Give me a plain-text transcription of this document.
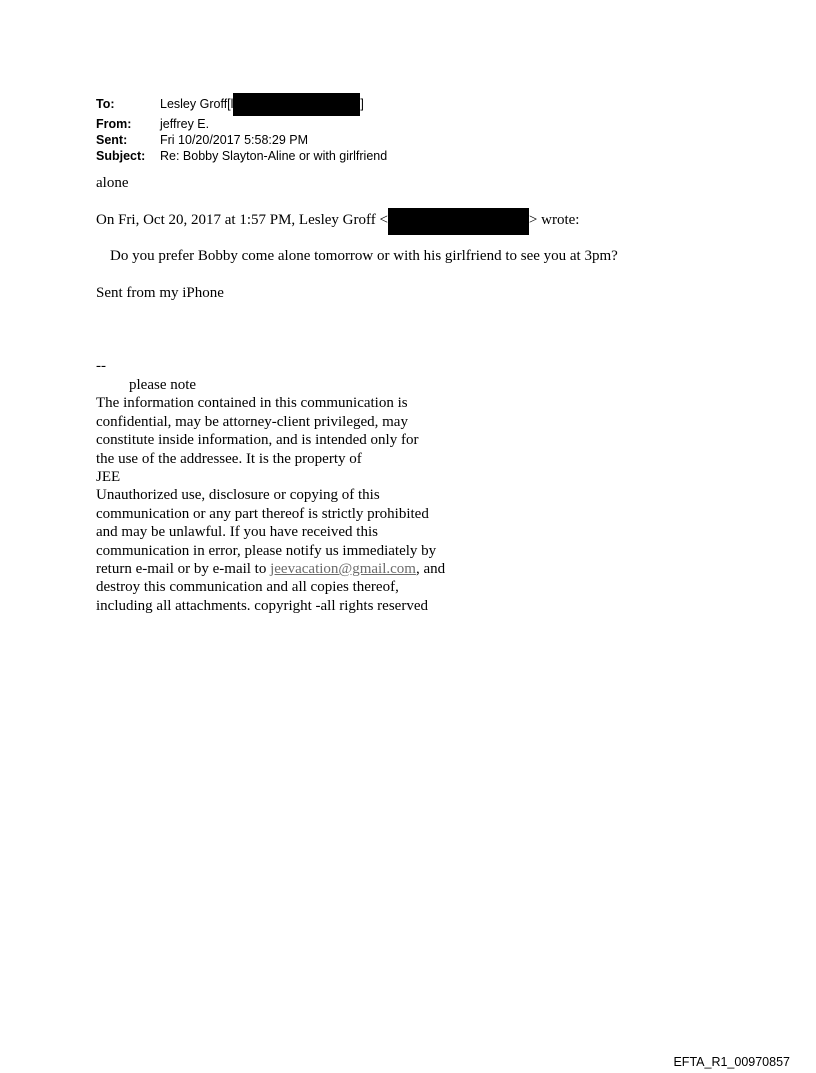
To:	Lesley Groff[l	]
From:	jeffrey E.
Sent:	Fri 10/20/2017 5:58:29 PM
Subject:	Re: Bobby Slayton-Aline or with girlfriend
alone
On Fri, Oct 20, 2017 at 1:57 PM, Lesley Groff <	> wrote:
Do you prefer Bobby come alone tomorrow or with his girlfriend to see you at 3pm?
Sent from my iPhone
--
please note
The information contained in this communication is
confidential, may be attorney-client privileged, may
constitute inside information, and is intended only for
the use of the addressee. It is the property of
JEE
Unauthorized use, disclosure or copying of this
communication or any part thereof is strictly prohibited
and may be unlawful. If you have received this
communication in error, please notify us immediately by
return e-mail or by e-mail to jeevacation@gmail.com, and
destroy this communication and all copies thereof,
including all attachments. copyright -all rights reserved
EFTA_R1_00970857
